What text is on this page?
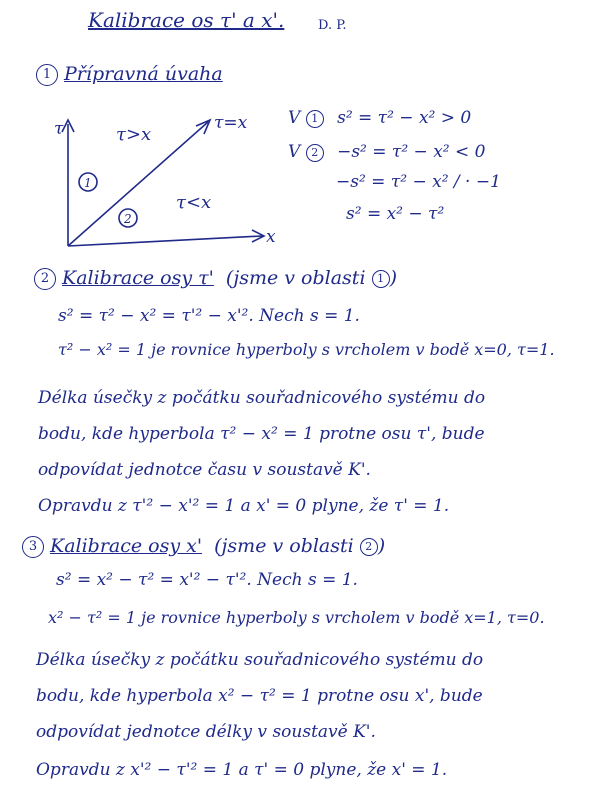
Kalibrace os τ' a x'.	D. P.
1 Přípravná úvaha
τ
x
τ=x
τ>x
τ<x
1
2
V 1 s² = τ² − x² > 0
V 2 −s² = τ² − x² < 0
−s² = τ² − x² / · −1
s² = x² − τ²
2 Kalibrace osy τ' (jsme v oblasti 1 )
s² = τ² − x² = τ'² − x'². Nech s = 1.
τ² − x² = 1 je rovnice hyperboly s vrcholem v bodě x=0, τ=1.
Délka úsečky z počátku souřadnicového systému do
bodu, kde hyperbola τ² − x² = 1 protne osu τ', bude
odpovídat jednotce času v soustavě K'.
Opravdu z τ'² − x'² = 1 a x' = 0 plyne, že τ' = 1.
3 Kalibrace osy x' (jsme v oblasti 2 )
s² = x² − τ² = x'² − τ'². Nech s = 1.
x² − τ² = 1 je rovnice hyperboly s vrcholem v bodě x=1, τ=0.
Délka úsečky z počátku souřadnicového systému do
bodu, kde hyperbola x² − τ² = 1 protne osu x', bude
odpovídat jednotce délky v soustavě K'.
Opravdu z x'² − τ'² = 1 a τ' = 0 plyne, že x' = 1.
